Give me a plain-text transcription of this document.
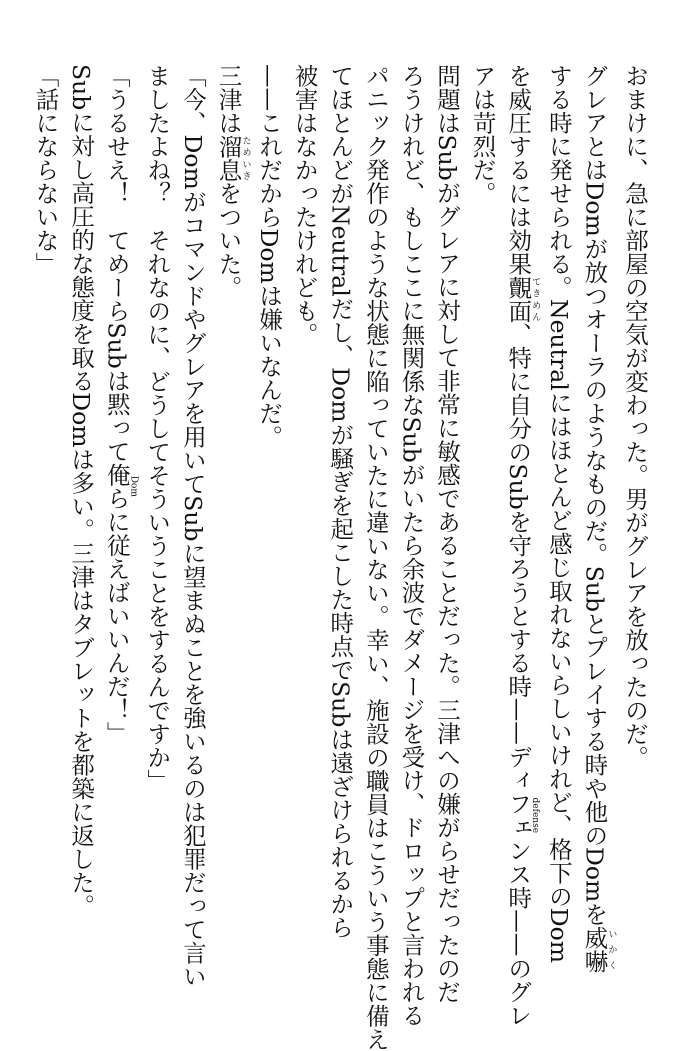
おまけに、急に部屋の空気が変わった。男がグレアを放ったのだ。
グレアとはDomが放つオーラのようなものだ。Subとプレイする時や他のDomを威嚇いかく
する時に発せられる。Neutralにはほとんど感じ取れないらしいけれど、格下のDom
を威圧するには効果覿面てきめん、特に自分のSubを守ろうとする時——ディフェンスdefense時——のグレ
アは苛烈だ。
問題はSubがグレアに対して非常に敏感であることだった。三津への嫌がらせだったのだ
ろうけれど、もしここに無関係なSubがいたら余波でダメージを受け、ドロップと言われる
パニック発作のような状態に陥っていたに違いない。幸い、施設の職員はこういう事態に備え
てほとんどがNeutralだし、Domが騒ぎを起こした時点でSubは遠ざけられるから
被害はなかったけれども。
——これだからDomは嫌いなんだ。
三津は溜息ためいきをついた。
「今、Domがコマンドやグレアを用いてSubに望まぬことを強いるのは犯罪だって言い
ましたよね？　それなのに、どうしてそういうことをするんですか」
「うるせえ！　てめーらSubは黙って俺らDomに従えばいいんだ！」
Subに対し高圧的な態度を取るDomは多い。三津はタブレットを都築に返した。
「話にならないな」
